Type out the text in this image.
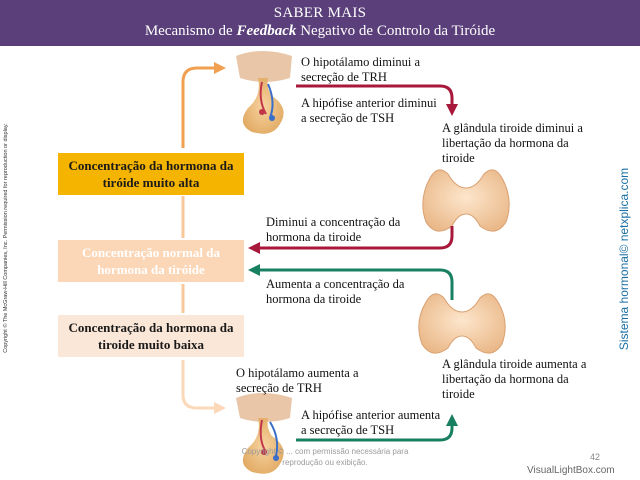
SABER MAIS
Mecanismo de Feedback Negativo de Controlo da Tiróide
Concentração da hormona da tiróide muito alta
Concentração normal da hormona da tiróide
Concentração da hormona da tiroide muito baixa
O hipotálamo diminui a secreção de TRH
A hipófise anterior diminui a secreção de TSH
A glândula tiroide diminui a libertação da hormona da tiroide
Diminui a concentração da hormona da tiroide
Aumenta a concentração da hormona da tiroide
O hipotálamo aumenta a secreção de TRH
A glândula tiroide aumenta a libertação da hormona da tiroide
A hipófise anterior aumenta a secreção de TSH
Copyright © The McGraw-Hill Companies, Inc. Permission required for reproduction or display.	Sistema hormonal© netxplica.com
Copyright © ... com permissão necessária para reprodução ou exibição.
42
VisualLightBox.com
